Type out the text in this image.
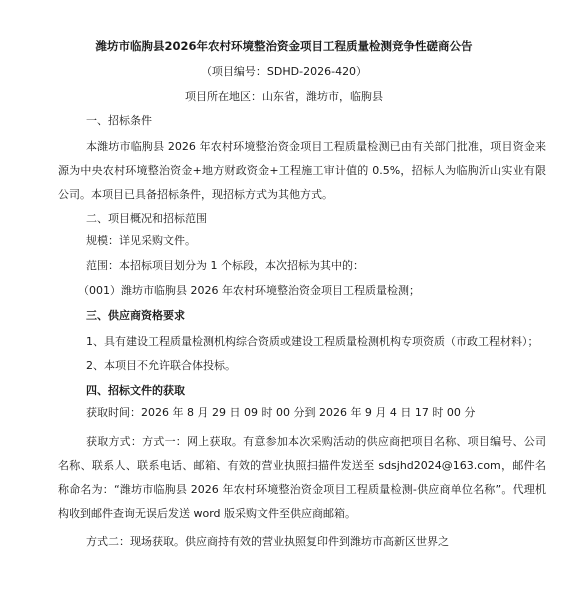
潍坊市临朐县2026年农村环境整治资金项目工程质量检测竞争性磋商公告
（项目编号：SDHD-2026-420）
项目所在地区：山东省，潍坊市，临朐县
一、招标条件
本潍坊市临朐县 2026 年农村环境整治资金项目工程质量检测已由有关部门批准，项目资金来源为中央农村环境整治资金+地方财政资金+工程施工审计值的 0.5%，招标人为临朐沂山实业有限公司。本项目已具备招标条件，现招标方式为其他方式。
二、项目概况和招标范围
规模：详见采购文件。
范围：本招标项目划分为 1 个标段，本次招标为其中的：
（001）潍坊市临朐县 2026 年农村环境整治资金项目工程质量检测；
三、供应商资格要求
1、具有建设工程质量检测机构综合资质或建设工程质量检测机构专项资质（市政工程材料）；
2、本项目不允许联合体投标。
四、招标文件的获取
获取时间：2026 年 8 月 29 日 09 时 00 分到 2026 年 9 月 4 日 17 时 00 分
获取方式：方式一：网上获取。有意参加本次采购活动的供应商把项目名称、项目编号、公司名称、联系人、联系电话、邮箱、有效的营业执照扫描件发送至 sdsjhd2024@163.com，邮件名称命名为：“潍坊市临朐县 2026 年农村环境整治资金项目工程质量检测-供应商单位名称”。代理机构收到邮件查询无误后发送 word 版采购文件至供应商邮箱。
方式二：现场获取。供应商持有效的营业执照复印件到潍坊市高新区世界之
